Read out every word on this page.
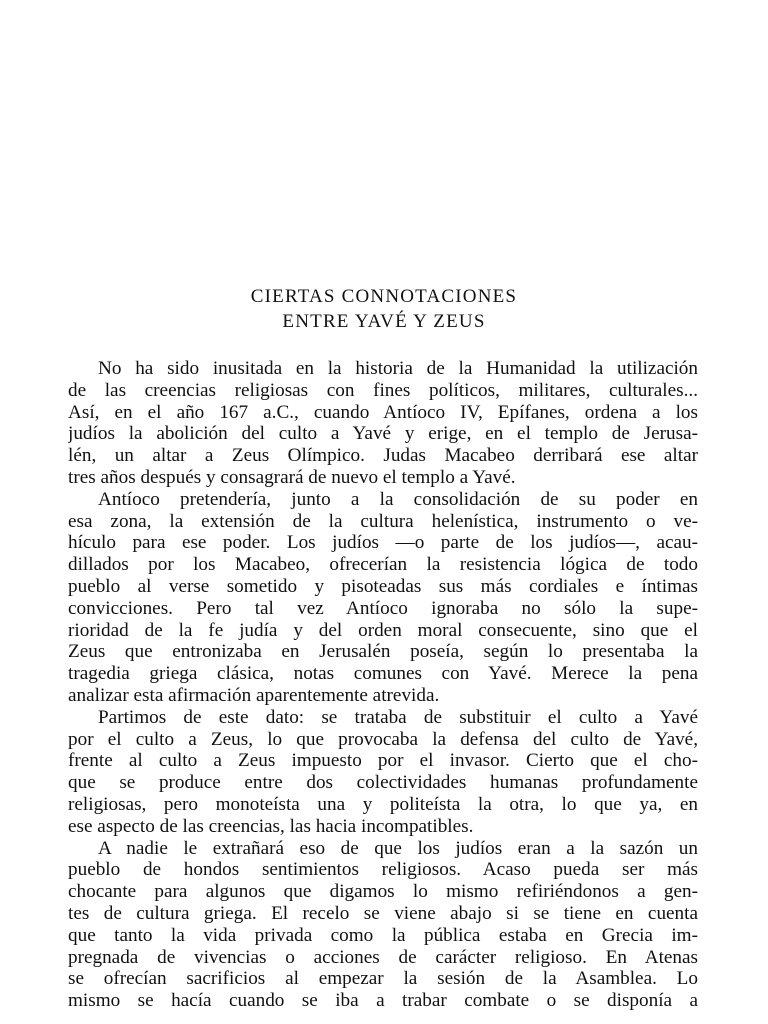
CIERTAS CONNOTACIONES
ENTRE YAVÉ Y ZEUS
No ha sido inusitada en la historia de la Humanidad la utilización
de las creencias religiosas con fines políticos, militares, culturales...
Así, en el año 167 a.C., cuando Antíoco IV, Epífanes, ordena a los
judíos la abolición del culto a Yavé y erige, en el templo de Jerusa-
lén, un altar a Zeus Olímpico. Judas Macabeo derribará ese altar
tres años después y consagrará de nuevo el templo a Yavé.
Antíoco pretendería, junto a la consolidación de su poder en
esa zona, la extensión de la cultura helenística, instrumento o ve-
hículo para ese poder. Los judíos —o parte de los judíos—, acau-
dillados por los Macabeo, ofrecerían la resistencia lógica de todo
pueblo al verse sometido y pisoteadas sus más cordiales e íntimas
convicciones. Pero tal vez Antíoco ignoraba no sólo la supe-
rioridad de la fe judía y del orden moral consecuente, sino que el
Zeus que entronizaba en Jerusalén poseía, según lo presentaba la
tragedia griega clásica, notas comunes con Yavé. Merece la pena
analizar esta afirmación aparentemente atrevida.
Partimos de este dato: se trataba de substituir el culto a Yavé
por el culto a Zeus, lo que provocaba la defensa del culto de Yavé,
frente al culto a Zeus impuesto por el invasor. Cierto que el cho-
que se produce entre dos colectividades humanas profundamente
religiosas, pero monoteísta una y politeísta la otra, lo que ya, en
ese aspecto de las creencias, las hacia incompatibles.
A nadie le extrañará eso de que los judíos eran a la sazón un
pueblo de hondos sentimientos religiosos. Acaso pueda ser más
chocante para algunos que digamos lo mismo refiriéndonos a gen-
tes de cultura griega. El recelo se viene abajo si se tiene en cuenta
que tanto la vida privada como la pública estaba en Grecia im-
pregnada de vivencias o acciones de carácter religioso. En Atenas
se ofrecían sacrificios al empezar la sesión de la Asamblea. Lo
mismo se hacía cuando se iba a trabar combate o se disponía a
